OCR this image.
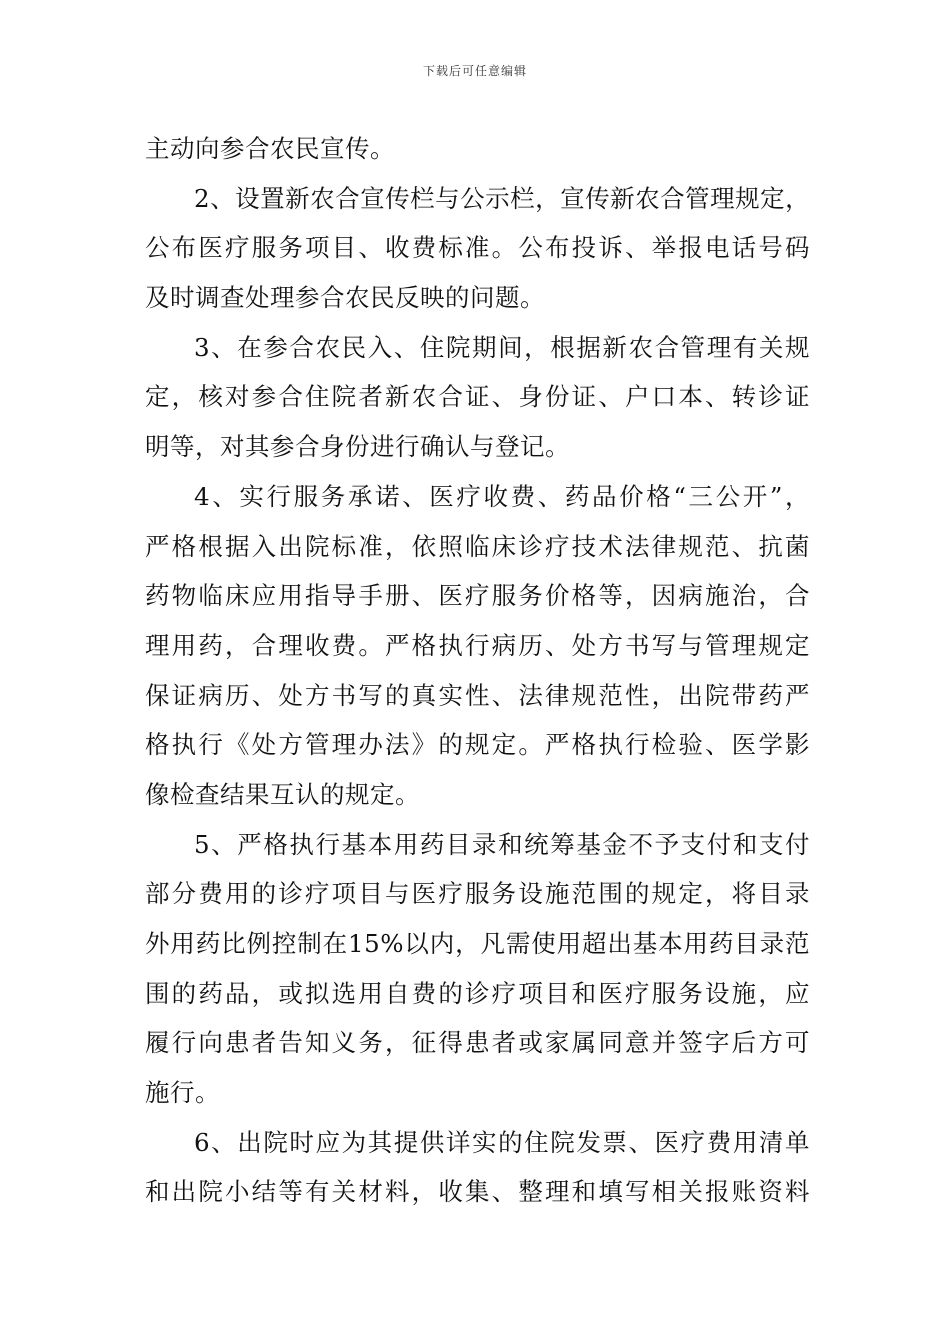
下载后可任意编辑
主动向参合农民宣传。
2、设置新农合宣传栏与公示栏，宣传新农合管理规定，
公布医疗服务项目、收费标准。公布投诉、举报电话号码
及时调查处理参合农民反映的问题。
3、在参合农民入、住院期间，根据新农合管理有关规
定，核对参合住院者新农合证、身份证、户口本、转诊证
明等，对其参合身份进行确认与登记。
4、实行服务承诺、医疗收费、药品价格“三公开”，
严格根据入出院标准，依照临床诊疗技术法律规范、抗菌
药物临床应用指导手册、医疗服务价格等，因病施治，合
理用药，合理收费。严格执行病历、处方书写与管理规定
保证病历、处方书写的真实性、法律规范性，出院带药严
格执行《处方管理办法》的规定。严格执行检验、医学影
像检查结果互认的规定。
5、严格执行基本用药目录和统筹基金不予支付和支付
部分费用的诊疗项目与医疗服务设施范围的规定，将目录
外用药比例控制在15%以内，凡需使用超出基本用药目录范
围的药品，或拟选用自费的诊疗项目和医疗服务设施，应
履行向患者告知义务，征得患者或家属同意并签字后方可
施行。
6、出院时应为其提供详实的住院发票、医疗费用清单
和出院小结等有关材料，收集、整理和填写相关报账资料
